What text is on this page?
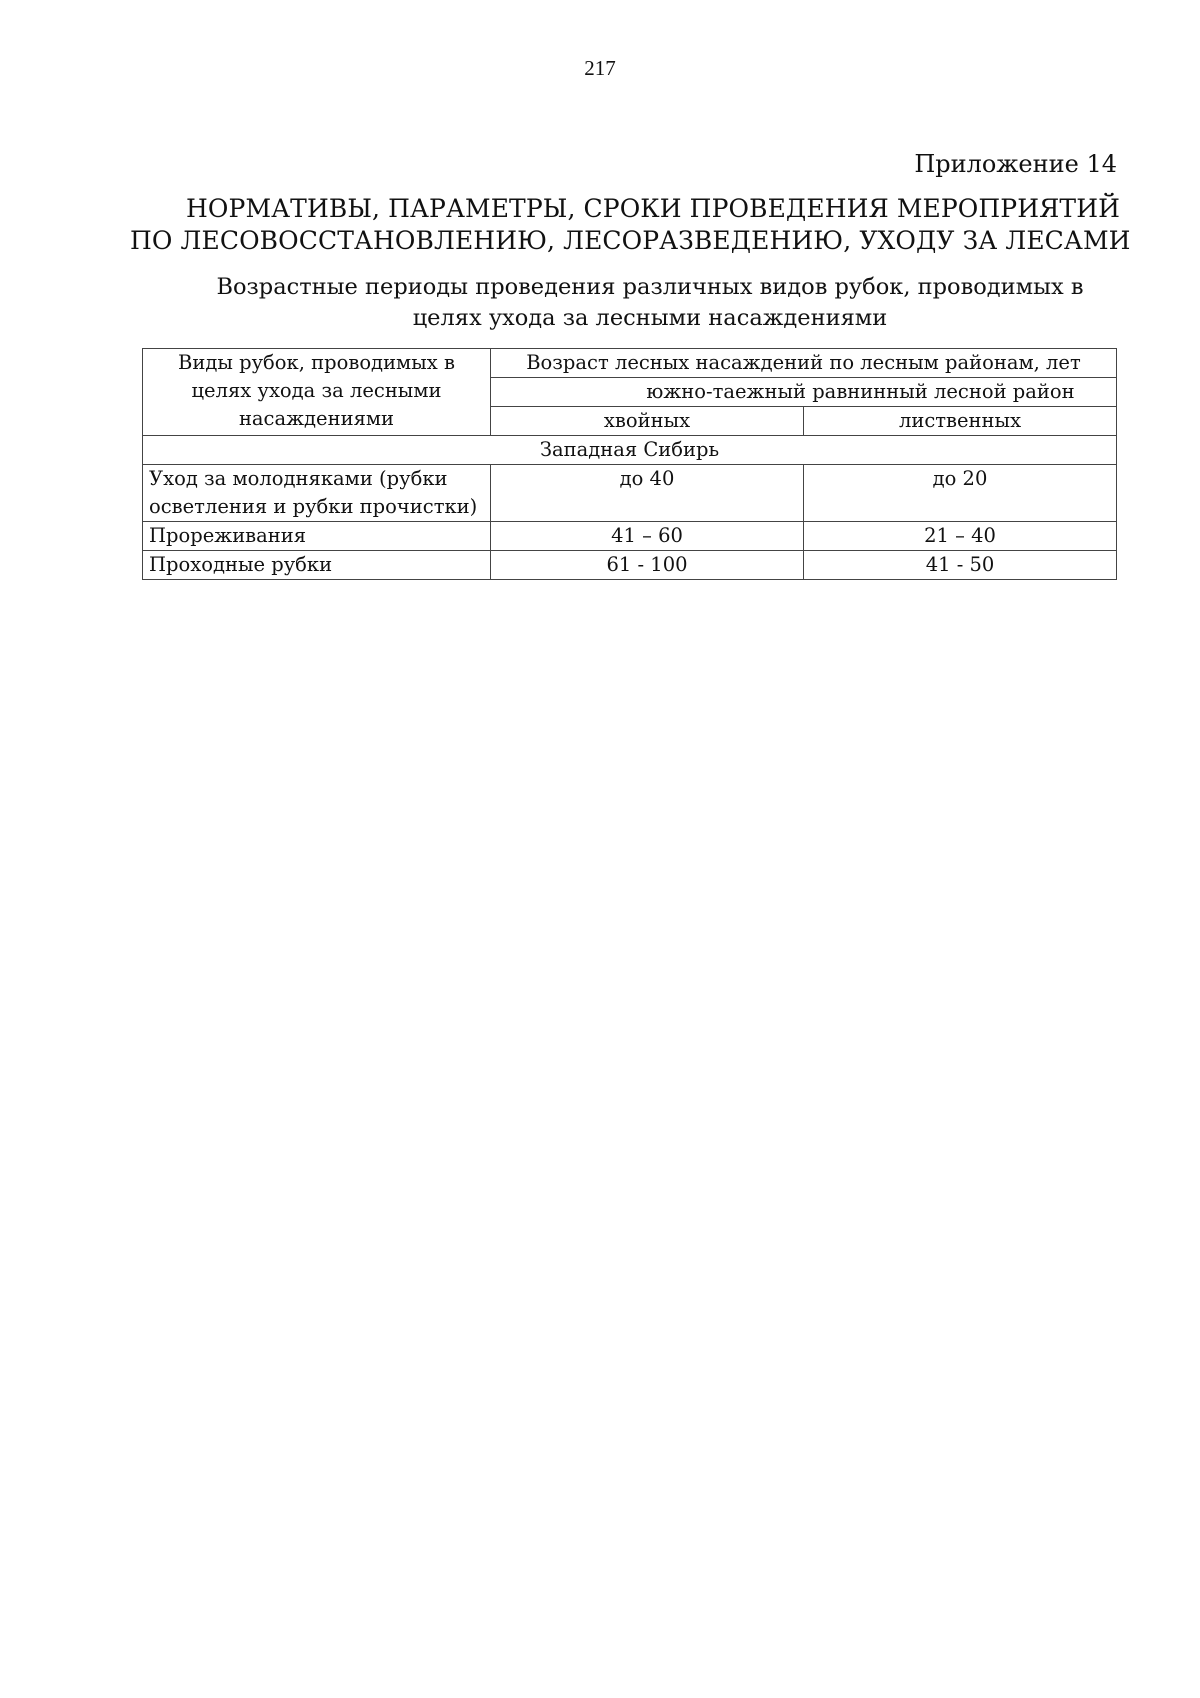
217
Приложение 14
НОРМАТИВЫ, ПАРАМЕТРЫ, СРОКИ ПРОВЕДЕНИЯ МЕРОПРИЯТИЙ
ПО ЛЕСОВОССТАНОВЛЕНИЮ, ЛЕСОРАЗВЕДЕНИЮ, УХОДУ ЗА ЛЕСАМИ
Возрастные периоды проведения различных видов рубок, проводимых в
целях ухода за лесными насаждениями
Виды рубок, проводимых в целях ухода за лесными насаждениями	Возраст лесных насаждений по лесным районам, лет	
	южно-таежный равнинный лесной район	
	хвойных	лиственных
Западная Сибирь		
Уход за молодняками (рубки осветления и рубки прочистки)	до 40	до 20
Прореживания	41 – 60	21 – 40
Проходные рубки	61 - 100	41 - 50
